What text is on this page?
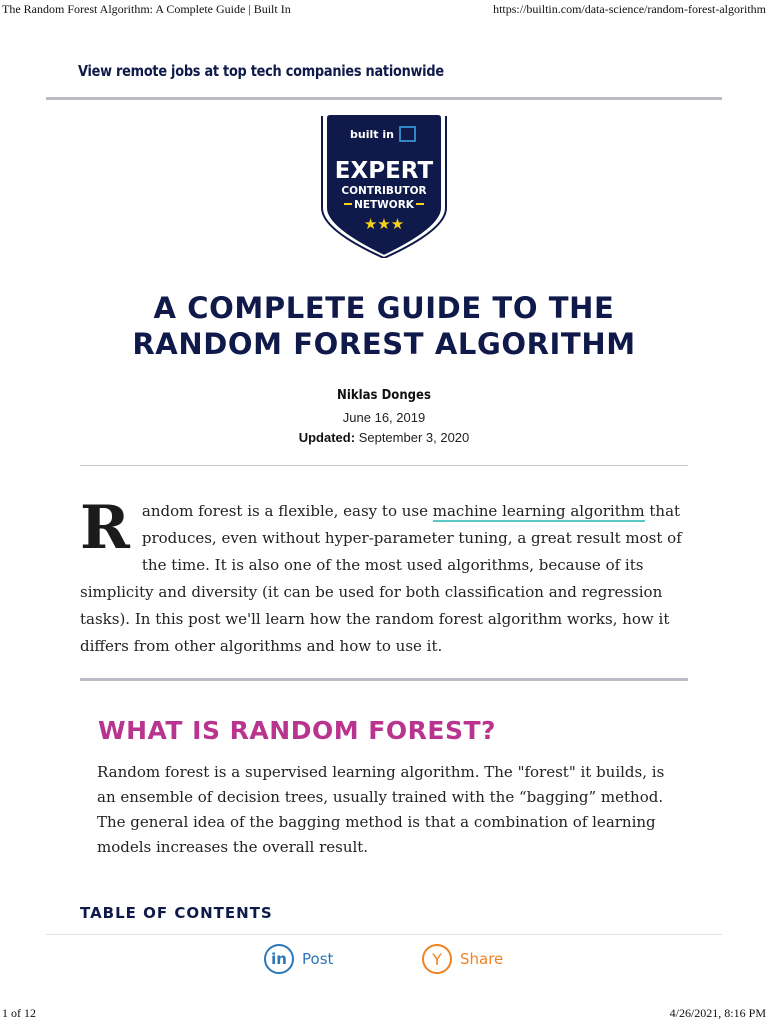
The Random Forest Algorithm: A Complete Guide | Built In	https://builtin.com/data-science/random-forest-algorithm
View remote jobs at top tech companies nationwide
built in
EXPERT
CONTRIBUTOR
NETWORK
★★★
A COMPLETE GUIDE TO THE
RANDOM FOREST ALGORITHM
Niklas Donges
June 16, 2019
Updated: September 3, 2020
Random forest is a flexible, easy to use machine learning algorithm that produces, even without hyper-parameter tuning, a great result most of the time. It is also one of the most used algorithms, because of its simplicity and diversity (it can be used for both classification and regression tasks). In this post we'll learn how the random forest algorithm works, how it differs from other algorithms and how to use it.
WHAT IS RANDOM FOREST?

Random forest is a supervised learning algorithm. The "forest" it builds, is an ensemble of decision trees, usually trained with the “bagging” method. The general idea of the bagging method is that a combination of learning models increases the overall result.

TABLE OF CONTENTS
in	Post	Y	Share
1 of 12	4/26/2021, 8:16 PM
